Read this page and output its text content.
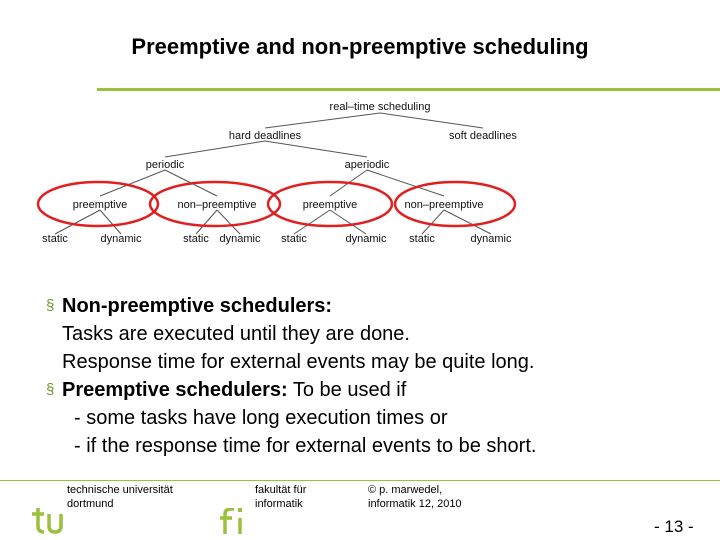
Preemptive and non-preemptive scheduling
real–time scheduling
hard deadlines	soft deadlines
periodic	aperiodic
preemptive	non–preemptive	preemptive	non–preemptive
static	dynamic	static dynamic static	dynamic static	dynamic
§ Non-preemptive schedulers:
Tasks are executed until they are done.
Response time for external events may be quite long.
§ Preemptive schedulers: To be used if
- some tasks have long execution times or
- if the response time for external events to be short.
technische universität
dortmund
fakultät für
informatik
© p. marwedel,
informatik 12, 2010
- 13 -
